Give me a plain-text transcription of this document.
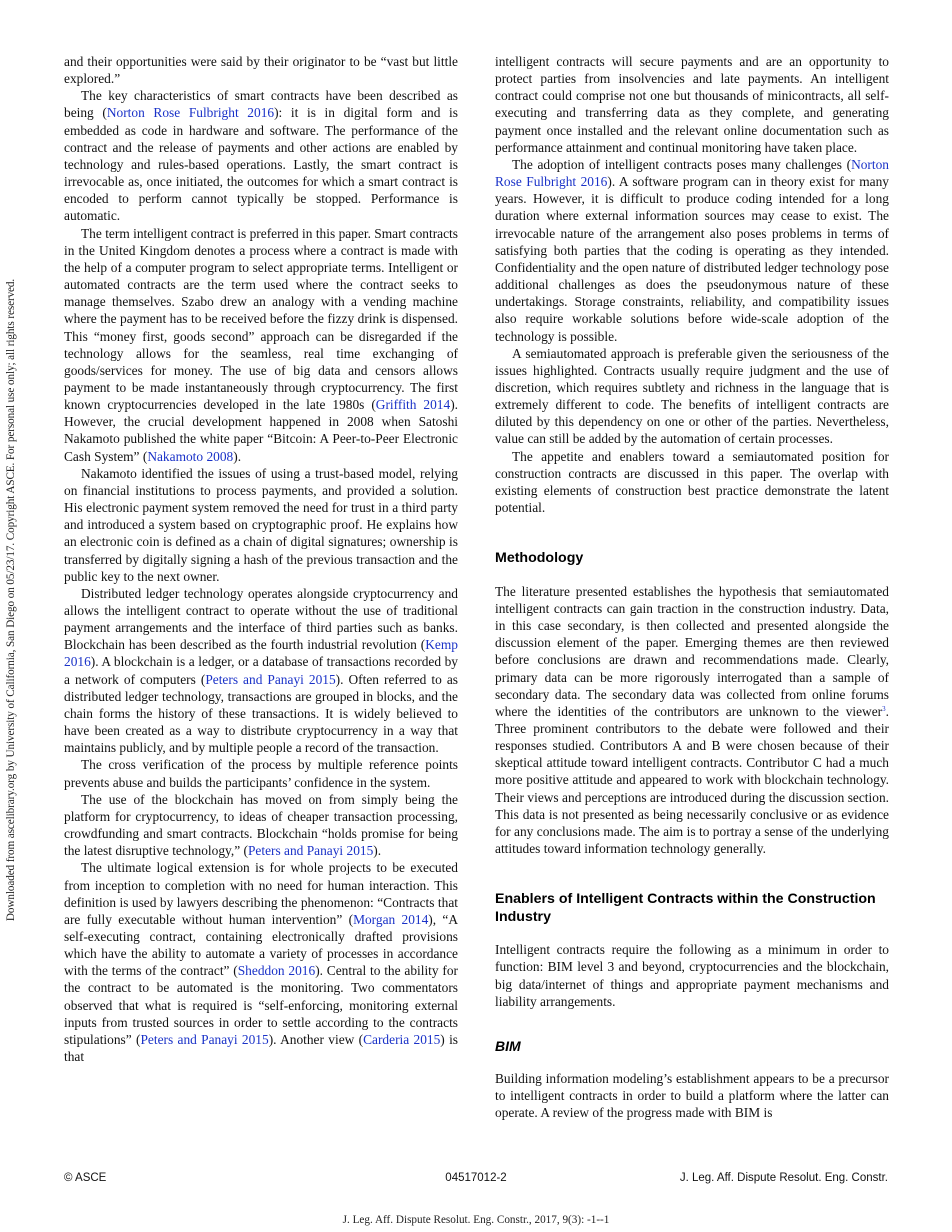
Downloaded from ascelibrary.org by University of California, San Diego on 05/23/17. Copyright ASCE. For personal use only; all rights reserved.

and their opportunities were said by their originator to be “vast but little explored.”

The key characteristics of smart contracts have been described as being (Norton Rose Fulbright 2016): it is in digital form and is embedded as code in hardware and software. The performance of the contract and the release of payments and other actions are enabled by technology and rules-based operations. Lastly, the smart contract is irrevocable as, once initiated, the outcomes for which a smart contract is encoded to perform cannot typically be stopped. Performance is automatic.

The term intelligent contract is preferred in this paper. Smart contracts in the United Kingdom denotes a process where a contract is made with the help of a computer program to select appropriate terms. Intelligent or automated contracts are the term used where the contract seeks to manage themselves. Szabo drew an analogy with a vending machine where the payment has to be received before the fizzy drink is dispensed. This “money first, goods second” approach can be disregarded if the technology allows for the seamless, real time exchanging of goods/services for money. The use of big data and censors allows payment to be made instantaneously through cryptocurrency. The first known cryptocurrencies developed in the late 1980s (Griffith 2014). However, the crucial development happened in 2008 when Satoshi Nakamoto published the white paper “Bitcoin: A Peer-to-Peer Electronic Cash System” (Nakamoto 2008).

Nakamoto identified the issues of using a trust-based model, relying on financial institutions to process payments, and provided a solution. His electronic payment system removed the need for trust in a third party and introduced a system based on cryptographic proof. He explains how an electronic coin is defined as a chain of digital signatures; ownership is transferred by digitally signing a hash of the previous transaction and the public key to the next owner.

Distributed ledger technology operates alongside cryptocurrency and allows the intelligent contract to operate without the use of traditional payment arrangements and the interface of third parties such as banks. Blockchain has been described as the fourth industrial revolution (Kemp 2016). A blockchain is a ledger, or a database of transactions recorded by a network of computers (Peters and Panayi 2015). Often referred to as distributed ledger technology, transactions are grouped in blocks, and the chain forms the history of these transactions. It is widely believed to have been created as a way to distribute cryptocurrency in a way that maintains publicly, and by multiple people a record of the transaction.

The cross verification of the process by multiple reference points prevents abuse and builds the participants’ confidence in the system.

The use of the blockchain has moved on from simply being the platform for cryptocurrency, to ideas of cheaper transaction processing, crowdfunding and smart contracts. Blockchain “holds promise for being the latest disruptive technology,” (Peters and Panayi 2015).

The ultimate logical extension is for whole projects to be executed from inception to completion with no need for human interaction. This definition is used by lawyers describing the phenomenon: “Contracts that are fully executable without human intervention” (Morgan 2014), “A self-executing contract, containing electronically drafted provisions which have the ability to automate a variety of processes in accordance with the terms of the contract” (Sheddon 2016). Central to the ability for the contract to be automated is the monitoring. Two commentators observed that what is required is “self-enforcing, monitoring external inputs from trusted sources in order to settle according to the contracts stipulations” (Peters and Panayi 2015). Another view (Carderia 2015) is that

intelligent contracts will secure payments and are an opportunity to protect parties from insolvencies and late payments. An intelligent contract could comprise not one but thousands of minicontracts, all self-executing and transferring data as they complete, and generating payment once installed and the relevant online documentation such as performance attainment and continual monitoring have taken place.

The adoption of intelligent contracts poses many challenges (Norton Rose Fulbright 2016). A software program can in theory exist for many years. However, it is difficult to produce coding intended for a long duration where external information sources may cease to exist. The irrevocable nature of the arrangement also poses problems in terms of satisfying both parties that the coding is operating as they intended. Confidentiality and the open nature of distributed ledger technology pose additional challenges as does the pseudonymous nature of these undertakings. Storage constraints, reliability, and compatibility issues also require workable solutions before wide-scale adoption of the technology is possible.

A semiautomated approach is preferable given the seriousness of the issues highlighted. Contracts usually require judgment and the use of discretion, which requires subtlety and richness in the language that is extremely different to code. The benefits of intelligent contracts are diluted by this dependency on one or other of the parties. Nevertheless, value can still be added by the automation of certain processes.

The appetite and enablers toward a semiautomated position for construction contracts are discussed in this paper. The overlap with existing elements of construction best practice demonstrate the latent potential.

Methodology

The literature presented establishes the hypothesis that semiautomated intelligent contracts can gain traction in the construction industry. Data, in this case secondary, is then collected and presented alongside the discussion element of the paper. Emerging themes are then reviewed before conclusions are drawn and recommendations made. Clearly, primary data can be more rigorously interrogated than a sample of secondary data. The secondary data was collected from online forums where the identities of the contributors are unknown to the viewer$^3$. Three prominent contributors to the debate were followed and their responses studied. Contributors A and B were chosen because of their skeptical attitude toward intelligent contracts. Contributor C had a much more positive attitude and appeared to work with blockchain technology. Their views and perceptions are introduced during the discussion section. This data is not presented as being necessarily conclusive or as evidence for any conclusions made. The aim is to portray a sense of the underlying attitudes toward information technology generally.

Enablers of Intelligent Contracts within the Construction Industry

Intelligent contracts require the following as a minimum in order to function: BIM level 3 and beyond, cryptocurrencies and the blockchain, big data/internet of things and appropriate payment mechanisms and liability arrangements.

BIM

Building information modeling’s establishment appears to be a precursor to intelligent contracts in order to build a platform where the latter can operate. A review of the progress made with BIM is

© ASCE	04517012-2	J. Leg. Aff. Dispute Resolut. Eng. Constr.
J. Leg. Aff. Dispute Resolut. Eng. Constr., 2017, 9(3): -1--1
